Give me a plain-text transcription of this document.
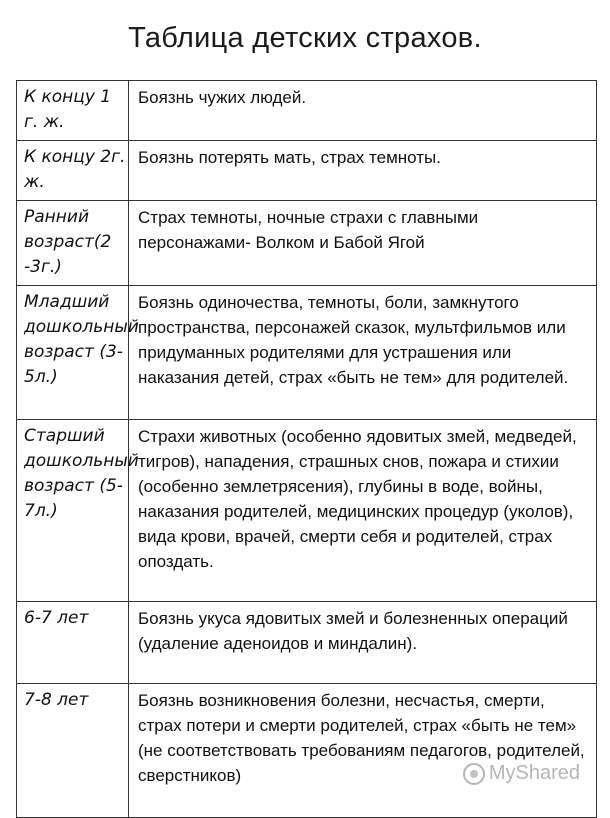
Таблица детских страхов.
К концу 1 г. ж.	Боязнь чужих людей.
К концу 2г. ж.	Боязнь потерять мать, страх темноты.
Ранний возраст(2 -3г.)	Страх темноты, ночные страхи с главными персонажами- Волком и Бабой Ягой
Младший дошкольный возраст (3-5л.)	Боязнь одиночества, темноты, боли, замкнутого пространства, персонажей сказок, мультфильмов или придуманных родителями для устрашения или наказания детей, страх «быть не тем» для родителей.
Старший дошкольный возраст (5-7л.)	Страхи животных (особенно ядовитых змей, медведей, тигров), нападения, страшных снов, пожара и стихии (особенно землетрясения), глубины в воде, войны, наказания родителей, медицинских процедур (уколов), вида крови, врачей, смерти себя и родителей, страх опоздать.
6-7 лет	Боязнь укуса ядовитых змей и болезненных операций (удаление аденоидов и миндалин).
7-8 лет	Боязнь возникновения болезни, несчастья, смерти, страх потери и смерти родителей, страх «быть не тем» (не соответствовать требованиям педагогов, родителей, сверстников)	MyShared
